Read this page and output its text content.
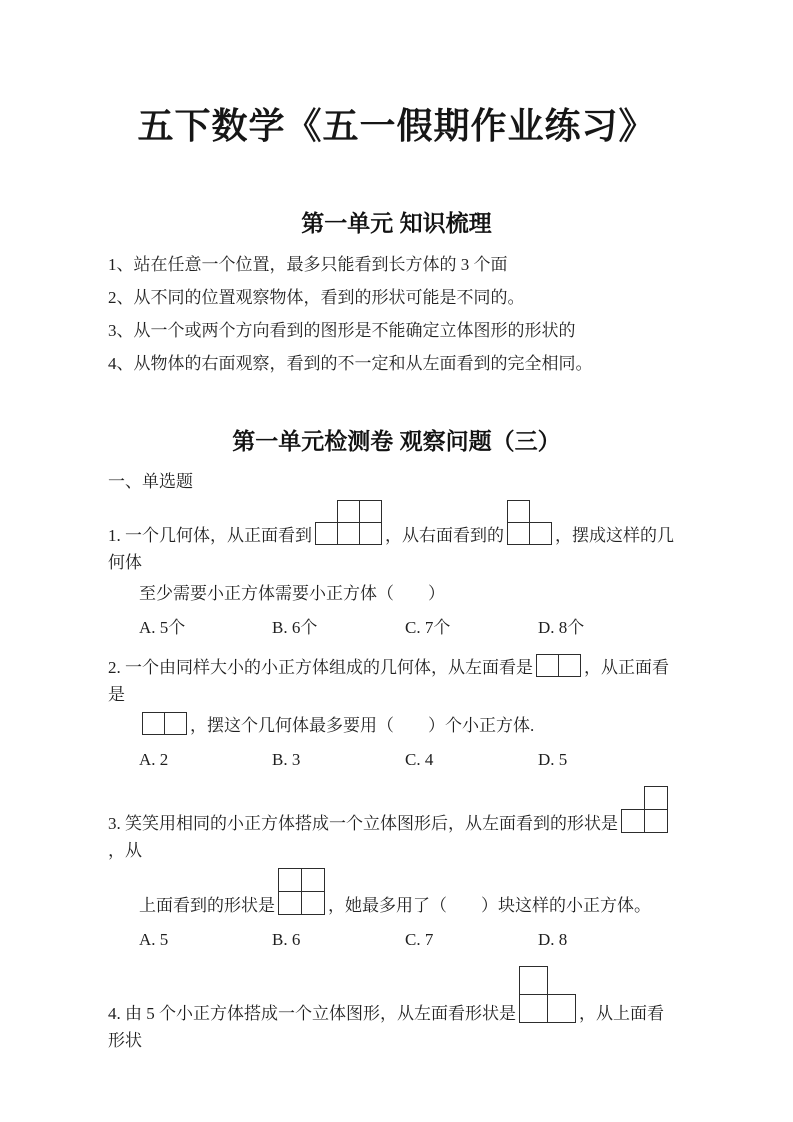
五下数学《五一假期作业练习》
第一单元 知识梳理
1、站在任意一个位置，最多只能看到长方体的 3 个面
2、从不同的位置观察物体，看到的形状可能是不同的。
3、从一个或两个方向看到的图形是不能确定立体图形的形状的
4、从物体的右面观察，看到的不一定和从左面看到的完全相同。
第一单元检测卷 观察问题（三）
一、单选题
1. 一个几何体，从正面看到

			，从右面看到的

		，摆成这样的几何体
至少需要小正方体需要小正方体（　　）
A. 5个	B. 6个	C. 7个	D. 8个
2. 一个由同样大小的小正方体组成的几何体，从左面看是
		，从正面看是

，摆这个几何体最多要用（　　）个小正方体.
A. 2	B. 3	C. 4	D. 5
3. 笑笑用相同的小正方体搭成一个立体图形后，从左面看到的形状是

，从
上面看到的形状是

		，她最多用了（　　）块这样的小正方体。
A. 5	B. 6	C. 7	D. 8
4. 由 5 个小正方体搭成一个立体图形，从左面看形状是

		，从上面看形状
